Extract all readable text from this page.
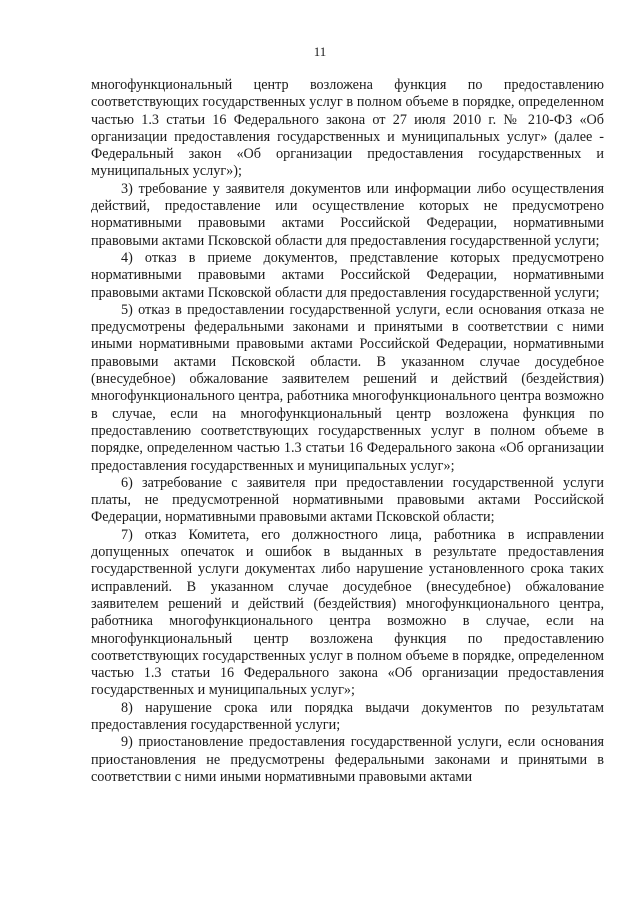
11

многофункциональный центр возложена функция по предоставлению соответствующих государственных услуг в полном объеме в порядке, определенном частью 1.3 статьи 16 Федерального закона от 27 июля 2010 г. № 210-ФЗ «Об организации предоставления государственных и муниципальных услуг» (далее - Федеральный закон «Об организации предоставления государственных и муниципальных услуг»);

3) требование у заявителя документов или информации либо осуществления действий, предоставление или осуществление которых не предусмотрено нормативными правовыми актами Российской Федерации, нормативными правовыми актами Псковской области для предоставления государственной услуги;

4) отказ в приеме документов, представление которых предусмотрено нормативными правовыми актами Российской Федерации, нормативными правовыми актами Псковской области для предоставления государственной услуги;

5) отказ в предоставлении государственной услуги, если основания отказа не предусмотрены федеральными законами и принятыми в соответствии с ними иными нормативными правовыми актами Российской Федерации, нормативными правовыми актами Псковской области. В указанном случае досудебное (внесудебное) обжалование заявителем решений и действий (бездействия) многофункционального центра, работника многофункционального центра возможно в случае, если на многофункциональный центр возложена функция по предоставлению соответствующих государственных услуг в полном объеме в порядке, определенном частью 1.3 статьи 16 Федерального закона «Об организации предоставления государственных и муниципальных услуг»;

6) затребование с заявителя при предоставлении государственной услуги платы, не предусмотренной нормативными правовыми актами Российской Федерации, нормативными правовыми актами Псковской области;

7) отказ Комитета, его должностного лица, работника в исправлении допущенных опечаток и ошибок в выданных в результате предоставления государственной услуги документах либо нарушение установленного срока таких исправлений. В указанном случае досудебное (внесудебное) обжалование заявителем решений и действий (бездействия) многофункционального центра, работника многофункционального центра возможно в случае, если на многофункциональный центр возложена функция по предоставлению соответствующих государственных услуг в полном объеме в порядке, определенном частью 1.3 статьи 16 Федерального закона «Об организации предоставления государственных и муниципальных услуг»;

8) нарушение срока или порядка выдачи документов по результатам предоставления государственной услуги;

9) приостановление предоставления государственной услуги, если основания приостановления не предусмотрены федеральными законами и принятыми в соответствии с ними иными нормативными правовыми актами
